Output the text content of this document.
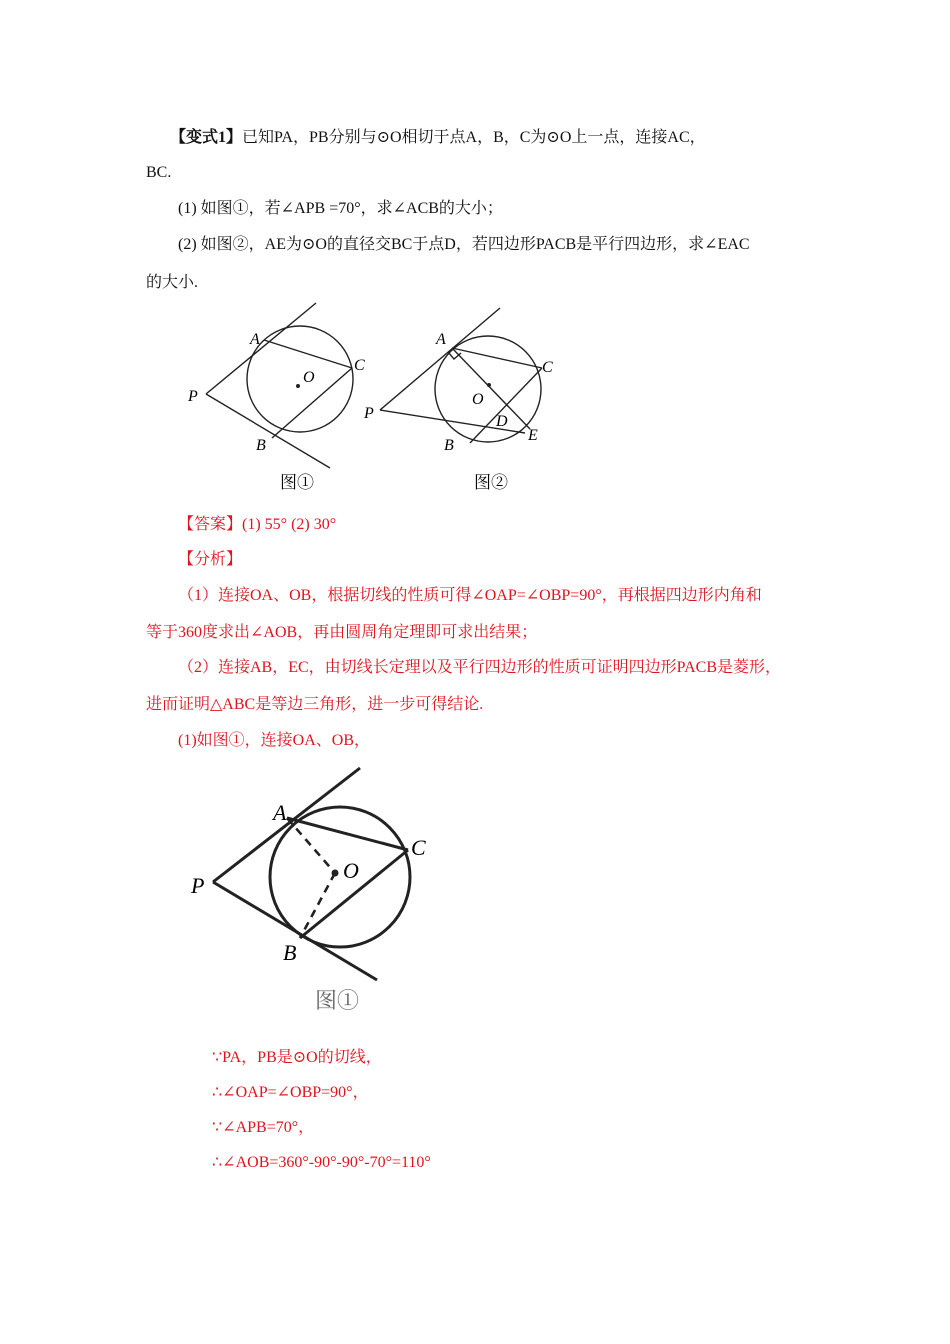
【变式1】已知PA，PB分别与⊙O相切于点A，B，C为⊙O上一点，连接AC，
BC.
(1) 如图①，若∠APB =70°，求∠ACB的大小；
(2) 如图②，AE为⊙O的直径交BC于点D，若四边形PACB是平行四边形，求∠EAC
的大小.
A
C
O
P
B
图①
A
C
O
D
P
B
E
图②
【答案】(1) 55° (2) 30°
【分析】
（1）连接OA、OB，根据切线的性质可得∠OAP=∠OBP=90°，再根据四边形内角和
等于360度求出∠AOB，再由圆周角定理即可求出结果；
（2）连接AB，EC，由切线长定理以及平行四边形的性质可证明四边形PACB是菱形，
进而证明△ABC是等边三角形，进一步可得结论.
(1)如图①，连接OA、OB，
A
C
O
P
B
图①
∵PA，PB是⊙O的切线，
∴∠OAP=∠OBP=90°，
∵∠APB=70°，
∴∠AOB=360°-90°-90°-70°=110°
